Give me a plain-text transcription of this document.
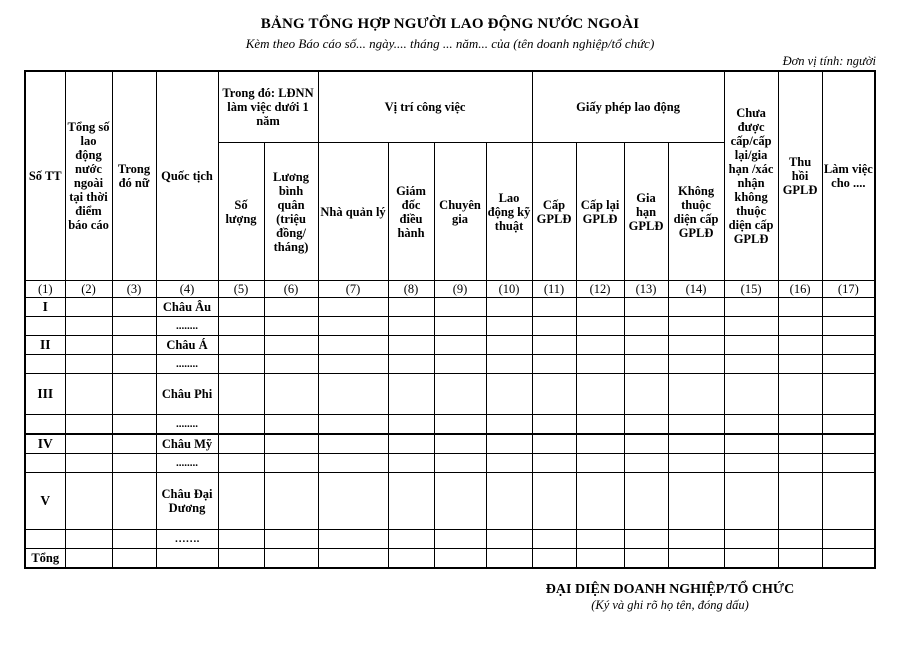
BẢNG TỔNG HỢP NGƯỜI LAO ĐỘNG NƯỚC NGOÀI
Kèm theo Báo cáo số... ngày.... tháng ... năm... của (tên doanh nghiệp/tổ chức)
Đơn vị tính: người
Số TT	Tổng số lao động nước ngoài tại thời điểm báo cáo	Trong đó nữ	Quốc tịch	Trong đó: LĐNN làm việc dưới 1 năm		Vị trí công việc				Giấy phép lao động				Chưa được cấp/cấp lại/gia hạn /xác nhận không thuộc diện cấp GPLĐ	Thu hồi GPLĐ	Làm việc cho ....
				Số lượng	Lương bình quân (triệu đồng/ tháng)	Nhà quản lý	Giám đốc điều hành	Chuyên gia	Lao động kỹ thuật	Cấp GPLĐ	Cấp lại GPLĐ	Gia hạn GPLĐ	Không thuộc diện cấp GPLĐ			
(1)	(2)	(3)	(4)	(5)	(6)	(7)	(8)	(9)	(10)	(11)	(12)	(13)	(14)	(15)	(16)	(17)
I			Châu Âu													
			........													
II			Châu Á													
			........													
III			Châu Phi													
			........													
IV			Châu Mỹ													
			........													
V			Châu Đại Dương													
			…….													
Tổng																
ĐẠI DIỆN DOANH NGHIỆP/TỔ CHỨC
(Ký và ghi rõ họ tên, đóng dấu)
